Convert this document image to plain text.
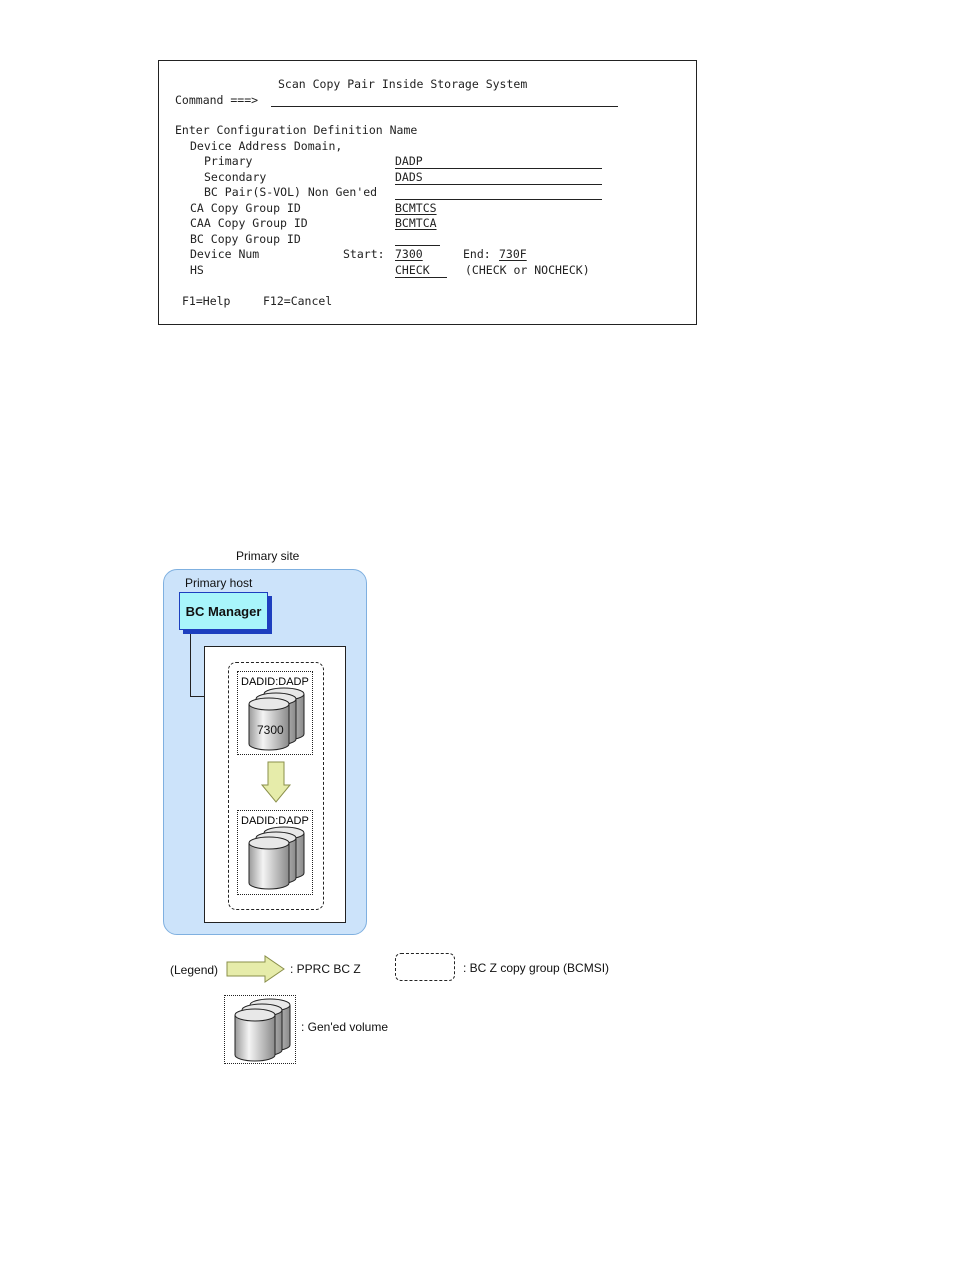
Scan Copy Pair Inside Storage System
Command ===>
Enter Configuration Definition Name
Device Address Domain,
Primary	DADP
Secondary	DADS
BC Pair(S-VOL) Non Gen'ed
CA Copy Group ID	BCMTCS
CAA Copy Group ID	BCMTCA
BC Copy Group ID
Device Num	Start: 7300	End: 730F
HS	CHECK	(CHECK or NOCHECK)
F1=Help	F12=Cancel
Primary site
Primary host
BC Manager
DADID:DADP
7300
DADID:DADP
(Legend)	: PPRC BC Z	: BC Z copy group (BCMSI)
: Gen'ed volume
